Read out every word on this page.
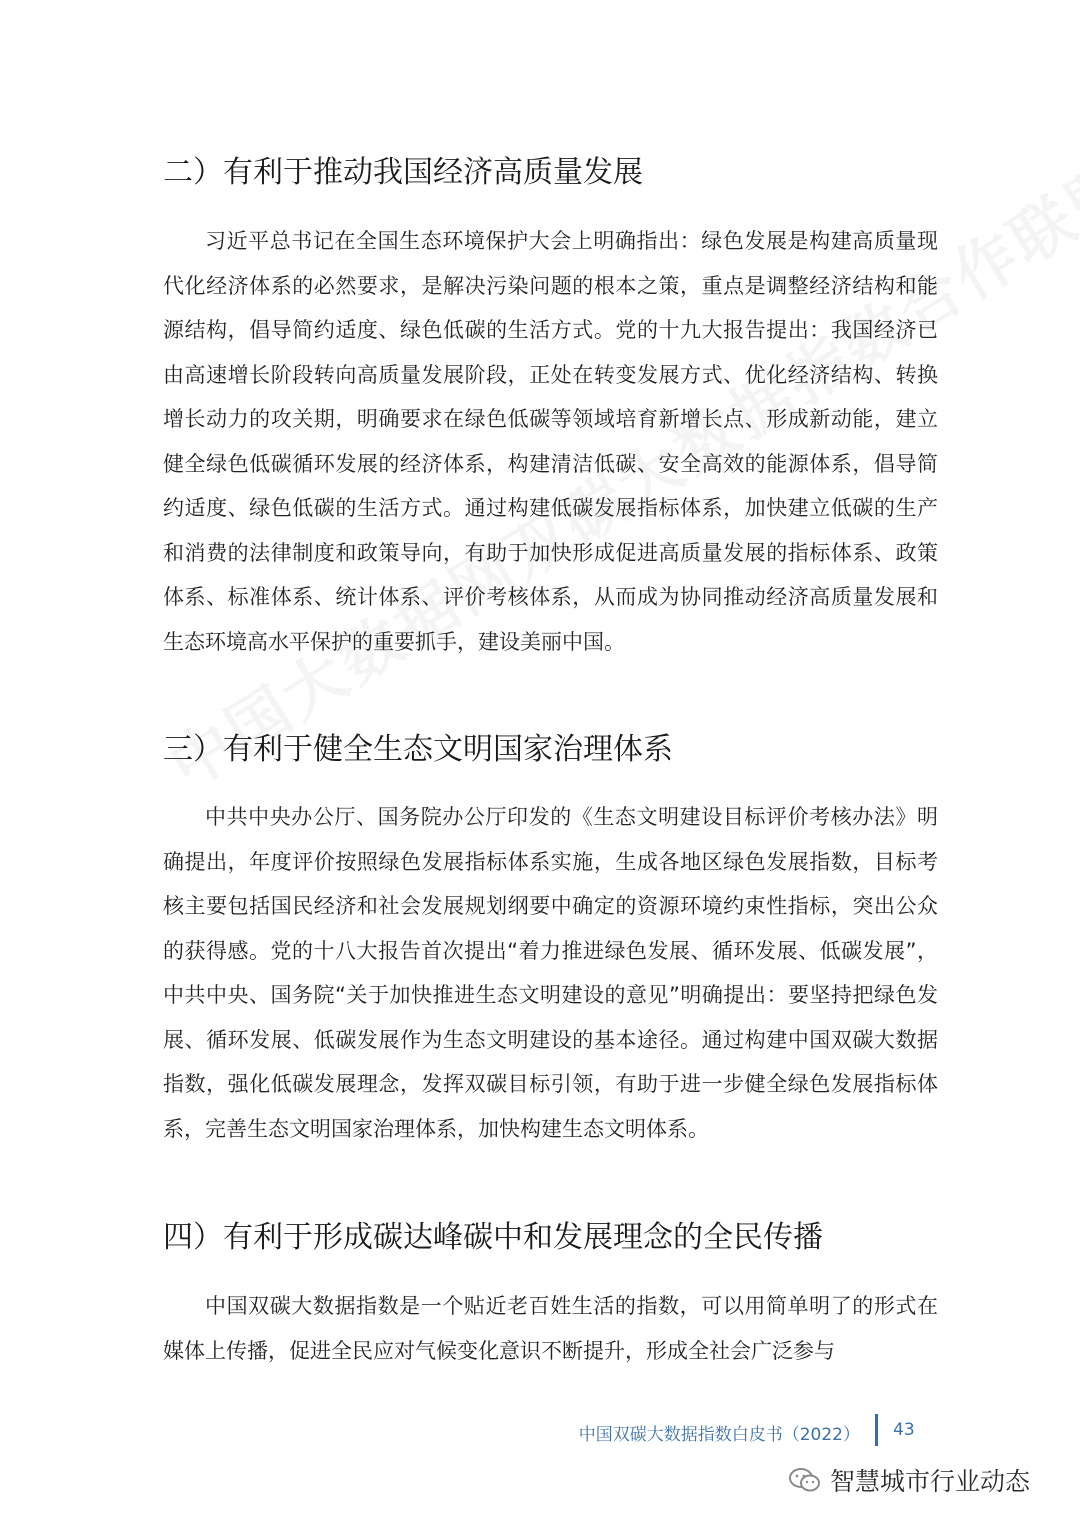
二）有利于推动我国经济高质量发展

习近平总书记在全国生态环境保护大会上明确指出：绿色发展是构建高质量现代化经济体系的必然要求，是解决污染问题的根本之策，重点是调整经济结构和能源结构，倡导简约适度、绿色低碳的生活方式。党的十九大报告提出：我国经济已由高速增长阶段转向高质量发展阶段，正处在转变发展方式、优化经济结构、转换增长动力的攻关期，明确要求在绿色低碳等领域培育新增长点、形成新动能，建立健全绿色低碳循环发展的经济体系，构建清洁低碳、安全高效的能源体系，倡导简约适度、绿色低碳的生活方式。通过构建低碳发展指标体系，加快建立低碳的生产和消费的法律制度和政策导向，有助于加快形成促进高质量发展的指标体系、政策体系、标准体系、统计体系、评价考核体系，从而成为协同推动经济高质量发展和生态环境高水平保护的重要抓手，建设美丽中国。

三）有利于健全生态文明国家治理体系

中共中央办公厅、国务院办公厅印发的《生态文明建设目标评价考核办法》明确提出，年度评价按照绿色发展指标体系实施，生成各地区绿色发展指数，目标考核主要包括国民经济和社会发展规划纲要中确定的资源环境约束性指标，突出公众的获得感。党的十八大报告首次提出“着力推进绿色发展、循环发展、低碳发展”，中共中央、国务院“关于加快推进生态文明建设的意见”明确提出：要坚持把绿色发展、循环发展、低碳发展作为生态文明建设的基本途径。通过构建中国双碳大数据指数，强化低碳发展理念，发挥双碳目标引领，有助于进一步健全绿色发展指标体系，完善生态文明国家治理体系，加快构建生态文明体系。

四）有利于形成碳达峰碳中和发展理念的全民传播

中国双碳大数据指数是一个贴近老百姓生活的指数，可以用简单明了的形式在媒体上传播，促进全民应对气候变化意识不断提升，形成全社会广泛参与

中国双碳大数据指数白皮书（2022） 43
智慧城市行业动态
